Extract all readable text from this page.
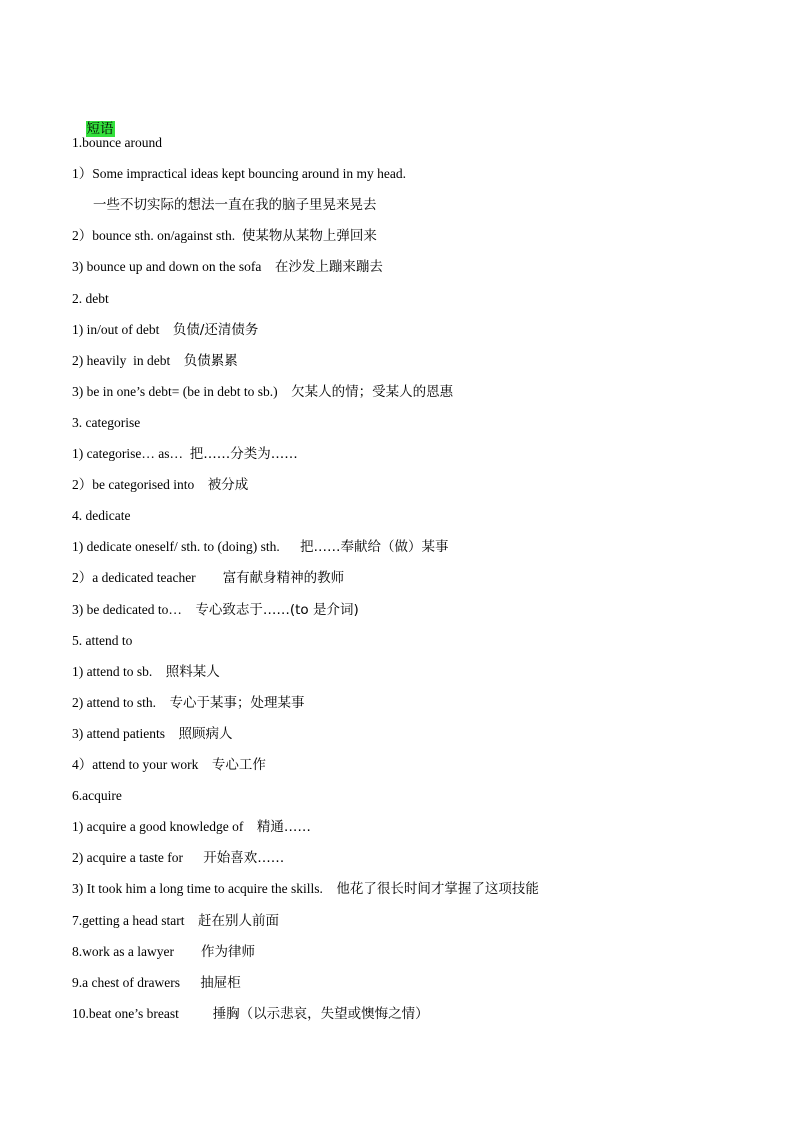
短语

1.bounce around
1）Some impractical ideas kept bouncing around in my head.
一些不切实际的想法一直在我的脑子里晃来晃去
2）bounce sth. on/against sth.  使某物从某物上弹回来
3) bounce up and down on the sofa    在沙发上蹦来蹦去
2. debt
1) in/out of debt    负债/还清债务
2) heavily  in debt    负债累累
3) be in one’s debt= (be in debt to sb.)    欠某人的情；受某人的恩惠
3. categorise
1) categorise… as…  把……分类为……
2）be categorised into    被分成
4. dedicate
1) dedicate oneself/ sth. to (doing) sth.      把……奉献给（做）某事
2）a dedicated teacher        富有献身精神的教师
3) be dedicated to…    专心致志于……(to 是介词)
5. attend to
1) attend to sb.    照料某人
2) attend to sth.    专心于某事；处理某事
3) attend patients    照顾病人
4）attend to your work    专心工作
6.acquire
1) acquire a good knowledge of    精通……
2) acquire a taste for      开始喜欢……
3) It took him a long time to acquire the skills.    他花了很长时间才掌握了这项技能
7.getting a head start    赶在别人前面
8.work as a lawyer        作为律师
9.a chest of drawers      抽屉柜
10.beat one’s breast          捶胸（以示悲哀，失望或懊悔之情）
